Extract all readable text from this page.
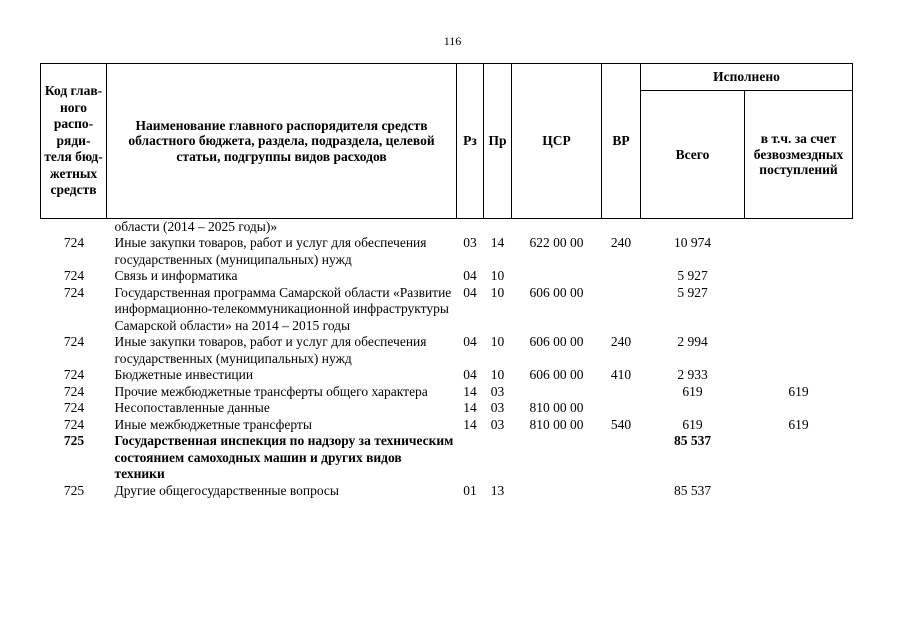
116
Код глав-ного распо-ряди-теля бюд-жетных средств	Наименование главного распорядителя средств областного бюджета, раздела, подраздела, целевой статьи, подгруппы видов расходов	Рз	Пр	ЦСР	ВР	Исполнено	
						Всего	в т.ч. за счет безвозмездных поступлений
	области (2014 – 2025 годы)»						
724	Иные закупки товаров, работ и услуг для обеспечения государственных (муниципальных) нужд	03	14	622 00 00	240	10 974	
724	Связь и информатика	04	10			5 927	
724	Государственная программа Самарской области «Развитие информационно-телекоммуникационной инфраструктуры Самарской области» на 2014 – 2015 годы	04	10	606 00 00		5 927	
724	Иные закупки товаров, работ и услуг для обеспечения государственных (муниципальных) нужд	04	10	606 00 00	240	2 994	
724	Бюджетные инвестиции	04	10	606 00 00	410	2 933	
724	Прочие межбюджетные трансферты общего характера	14	03			619	619
724	Несопоставленные данные	14	03	810 00 00			
724	Иные межбюджетные трансферты	14	03	810 00 00	540	619	619
725	Государственная инспекция по надзору за техническим состоянием самоходных машин и других видов техники					85 537	
725	Другие общегосударственные вопросы	01	13			85 537	
